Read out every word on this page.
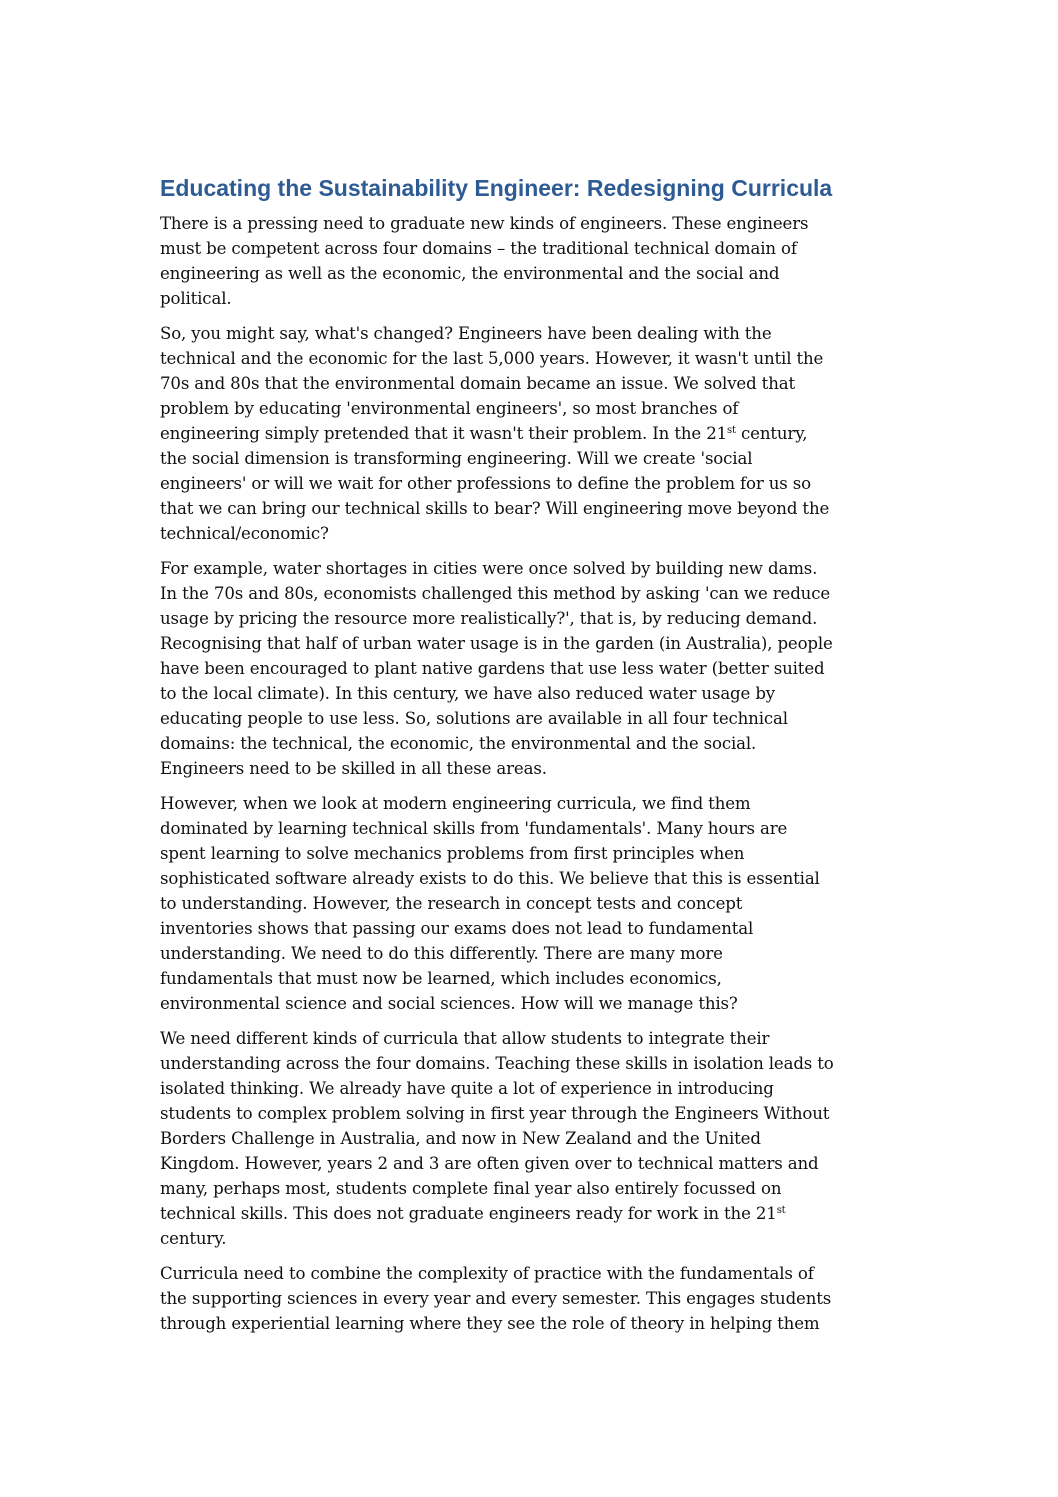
Educating the Sustainability Engineer: Redesigning Curricula

There is a pressing need to graduate new kinds of engineers. These engineers
must be competent across four domains – the traditional technical domain of
engineering as well as the economic, the environmental and the social and
political.

So, you might say, what's changed? Engineers have been dealing with the
technical and the economic for the last 5,000 years. However, it wasn't until the
70s and 80s that the environmental domain became an issue. We solved that
problem by educating 'environmental engineers', so most branches of
engineering simply pretended that it wasn't their problem. In the 21st century,
the social dimension is transforming engineering. Will we create 'social
engineers' or will we wait for other professions to define the problem for us so
that we can bring our technical skills to bear? Will engineering move beyond the
technical/economic?

For example, water shortages in cities were once solved by building new dams.
In the 70s and 80s, economists challenged this method by asking 'can we reduce
usage by pricing the resource more realistically?', that is, by reducing demand.
Recognising that half of urban water usage is in the garden (in Australia), people
have been encouraged to plant native gardens that use less water (better suited
to the local climate). In this century, we have also reduced water usage by
educating people to use less. So, solutions are available in all four technical
domains: the technical, the economic, the environmental and the social.
Engineers need to be skilled in all these areas.

However, when we look at modern engineering curricula, we find them
dominated by learning technical skills from 'fundamentals'. Many hours are
spent learning to solve mechanics problems from first principles when
sophisticated software already exists to do this. We believe that this is essential
to understanding. However, the research in concept tests and concept
inventories shows that passing our exams does not lead to fundamental
understanding. We need to do this differently. There are many more
fundamentals that must now be learned, which includes economics,
environmental science and social sciences. How will we manage this?

We need different kinds of curricula that allow students to integrate their
understanding across the four domains. Teaching these skills in isolation leads to
isolated thinking. We already have quite a lot of experience in introducing
students to complex problem solving in first year through the Engineers Without
Borders Challenge in Australia, and now in New Zealand and the United
Kingdom. However, years 2 and 3 are often given over to technical matters and
many, perhaps most, students complete final year also entirely focussed on
technical skills. This does not graduate engineers ready for work in the 21st
century.

Curricula need to combine the complexity of practice with the fundamentals of
the supporting sciences in every year and every semester. This engages students
through experiential learning where they see the role of theory in helping them
